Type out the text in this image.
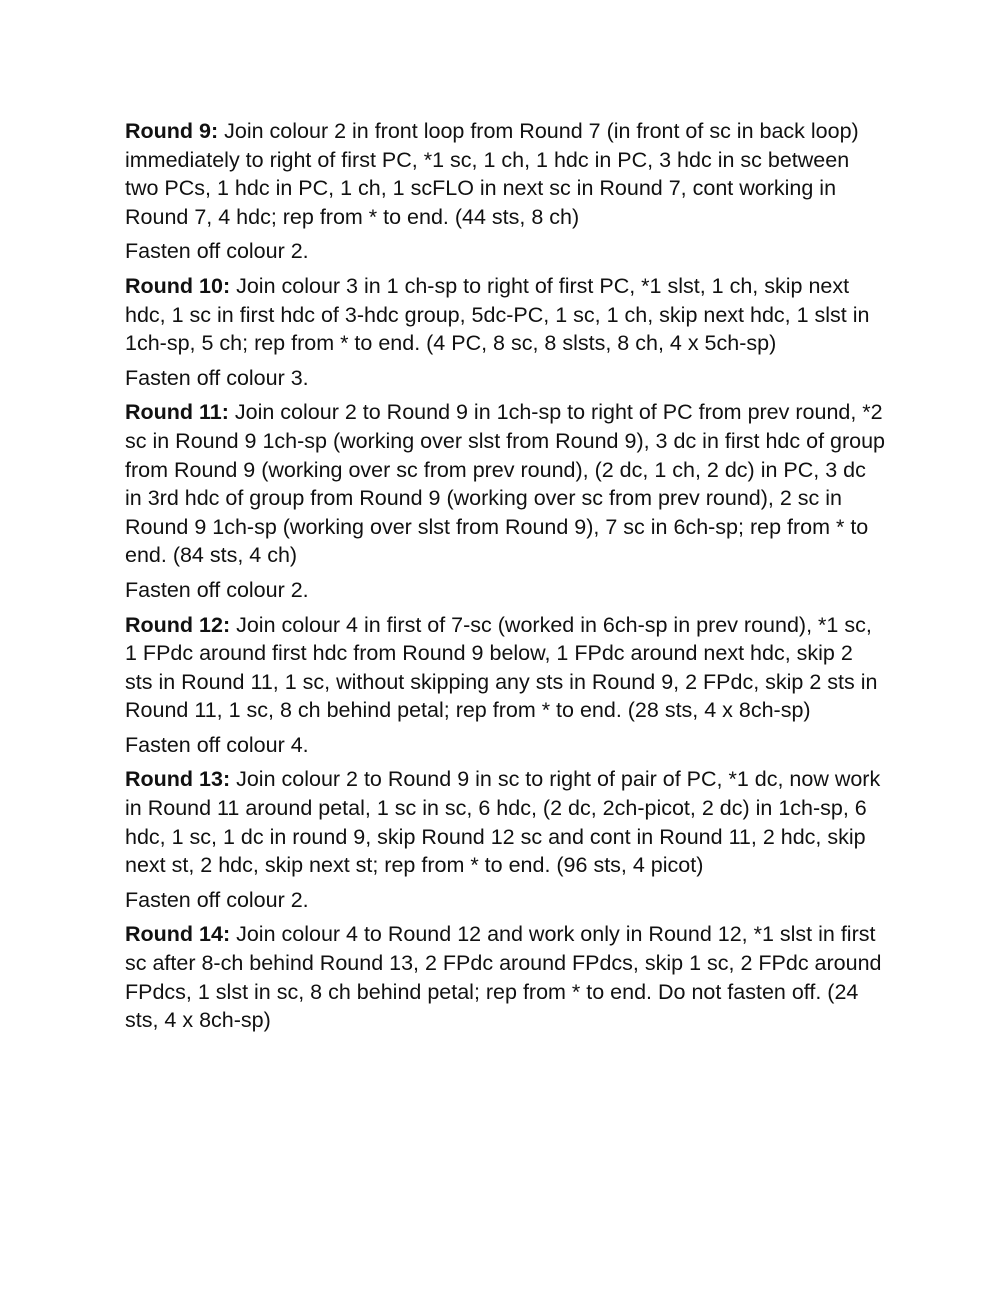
Round 9: Join colour 2 in front loop from Round 7 (in front of sc in back loop) immediately to right of first PC, *1 sc, 1 ch, 1 hdc in PC, 3 hdc in sc between two PCs, 1 hdc in PC, 1 ch, 1 scFLO in next sc in Round 7, cont working in Round 7, 4 hdc; rep from * to end. (44 sts, 8 ch)

Fasten off colour 2.

Round 10: Join colour 3 in 1 ch-sp to right of first PC, *1 slst, 1 ch, skip next hdc, 1 sc in first hdc of 3-hdc group, 5dc-PC, 1 sc, 1 ch, skip next hdc, 1 slst in 1ch-sp, 5 ch; rep from * to end. (4 PC, 8 sc, 8 slsts, 8 ch, 4 x 5ch-sp)

Fasten off colour 3.

Round 11: Join colour 2 to Round 9 in 1ch-sp to right of PC from prev round, *2 sc in Round 9 1ch-sp (working over slst from Round 9), 3 dc in first hdc of group from Round 9 (working over sc from prev round), (2 dc, 1 ch, 2 dc) in PC, 3 dc in 3rd hdc of group from Round 9 (working over sc from prev round), 2 sc in Round 9 1ch-sp (working over slst from Round 9), 7 sc in 6ch-sp; rep from * to end. (84 sts, 4 ch)

Fasten off colour 2.

Round 12: Join colour 4 in first of 7-sc (worked in 6ch-sp in prev round), *1 sc, 1 FPdc around first hdc from Round 9 below, 1 FPdc around next hdc, skip 2 sts in Round 11, 1 sc, without skipping any sts in Round 9, 2 FPdc, skip 2 sts in Round 11, 1 sc, 8 ch behind petal; rep from * to end. (28 sts, 4 x 8ch-sp)

Fasten off colour 4.

Round 13: Join colour 2 to Round 9 in sc to right of pair of PC, *1 dc, now work in Round 11 around petal, 1 sc in sc, 6 hdc, (2 dc, 2ch-picot, 2 dc) in 1ch-sp, 6 hdc, 1 sc, 1 dc in round 9, skip Round 12 sc and cont in Round 11, 2 hdc, skip next st, 2 hdc, skip next st; rep from * to end. (96 sts, 4 picot)

Fasten off colour 2.

Round 14: Join colour 4 to Round 12 and work only in Round 12, *1 slst in first sc after 8-ch behind Round 13, 2 FPdc around FPdcs, skip 1 sc, 2 FPdc around FPdcs, 1 slst in sc, 8 ch behind petal; rep from * to end. Do not fasten off. (24 sts, 4 x 8ch-sp)
